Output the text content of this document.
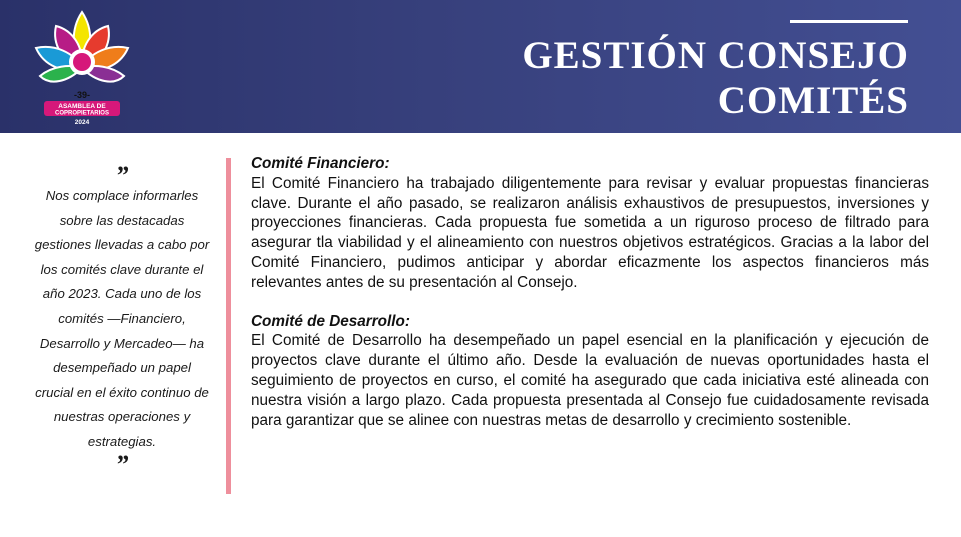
GESTIÓN CONSEJO
COMITÉS
-39-
ASAMBLEA DE
COPROPIETARIOS
2024
”
Nos complace informarles sobre las destacadas gestiones llevadas a cabo por los comités clave durante el año 2023. Cada uno de los comités —Financiero, Desarrollo y Mercadeo— ha desempeñado un papel crucial en el éxito continuo de nuestras operaciones y estrategias.
”
Comité Financiero:
El Comité Financiero ha trabajado diligentemente para revisar y evaluar propuestas financieras clave. Durante el año pasado, se realizaron análisis exhaustivos de presupuestos, inversiones y proyecciones financieras. Cada propuesta fue sometida a un riguroso proceso de filtrado para asegurar tla viabilidad y el alineamiento con nuestros objetivos estratégicos. Gracias a la labor del Comité Financiero, pudimos anticipar y abordar eficazmente los aspectos financieros más relevantes antes de su presentación al Consejo.
Comité de Desarrollo:
El Comité de Desarrollo ha desempeñado un papel esencial en la planificación y ejecución de proyectos clave durante el último año. Desde la evaluación de nuevas oportunidades hasta el seguimiento de proyectos en curso, el comité ha asegurado que cada iniciativa esté alineada con nuestra visión a largo plazo. Cada propuesta presentada al Consejo fue cuidadosamente revisada para garantizar que se alinee con nuestras metas de desarrollo y crecimiento sostenible.
